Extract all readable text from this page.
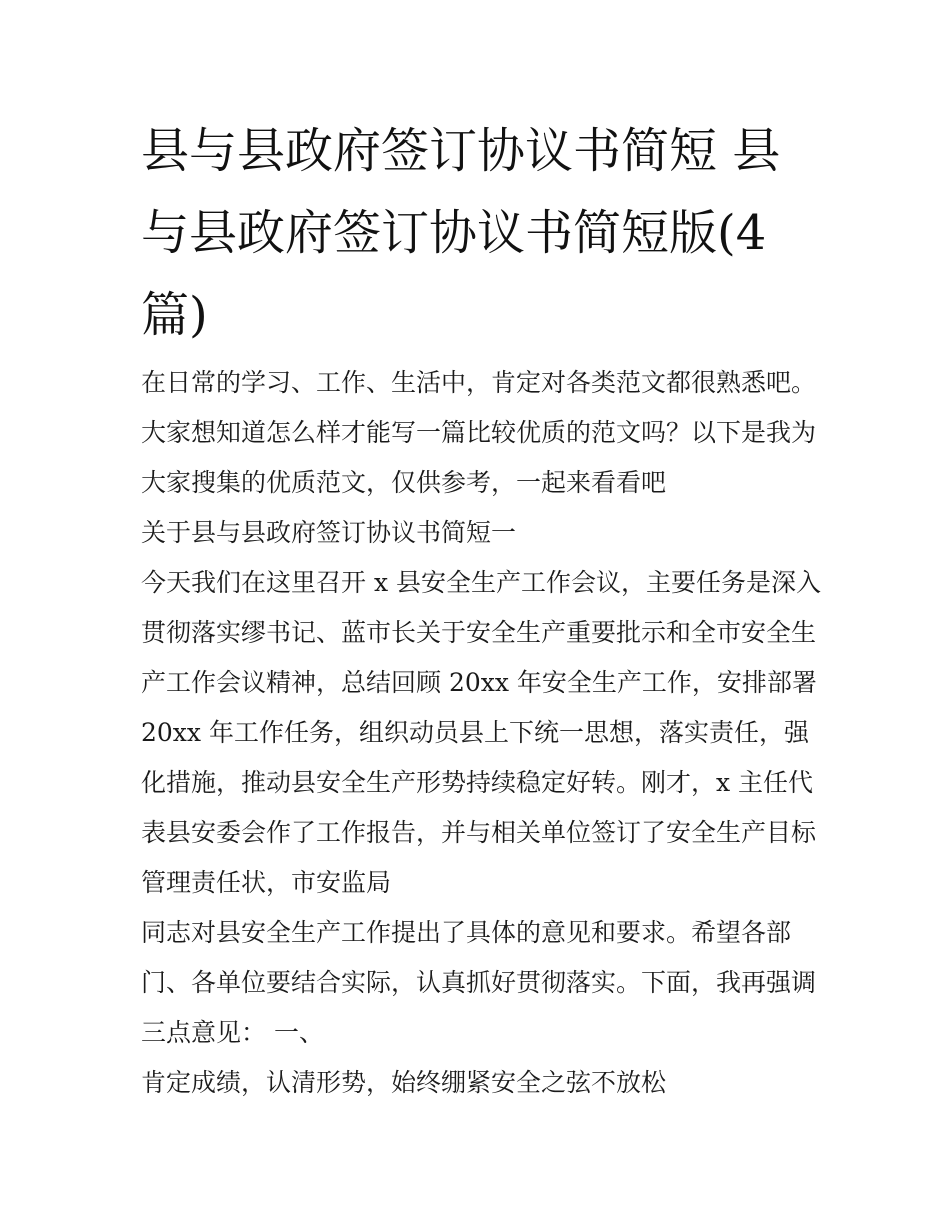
县与县政府签订协议书简短 县与县政府签订协议书简短版(4篇)

在日常的学习、工作、生活中，肯定对各类范文都很熟悉吧。大家想知道怎么样才能写一篇比较优质的范文吗？以下是我为大家搜集的优质范文，仅供参考，一起来看看吧

关于县与县政府签订协议书简短一

今天我们在这里召开 x 县安全生产工作会议，主要任务是深入贯彻落实缪书记、蓝市长关于安全生产重要批示和全市安全生产工作会议精神，总结回顾 20xx 年安全生产工作，安排部署 20xx 年工作任务，组织动员县上下统一思想，落实责任，强化措施，推动县安全生产形势持续稳定好转。刚才，x 主任代表县安委会作了工作报告，并与相关单位签订了安全生产目标管理责任状，市安监局

同志对县安全生产工作提出了具体的意见和要求。希望各部门、各单位要结合实际，认真抓好贯彻落实。下面，我再强调三点意见： 一、

肯定成绩，认清形势，始终绷紧安全之弦不放松
